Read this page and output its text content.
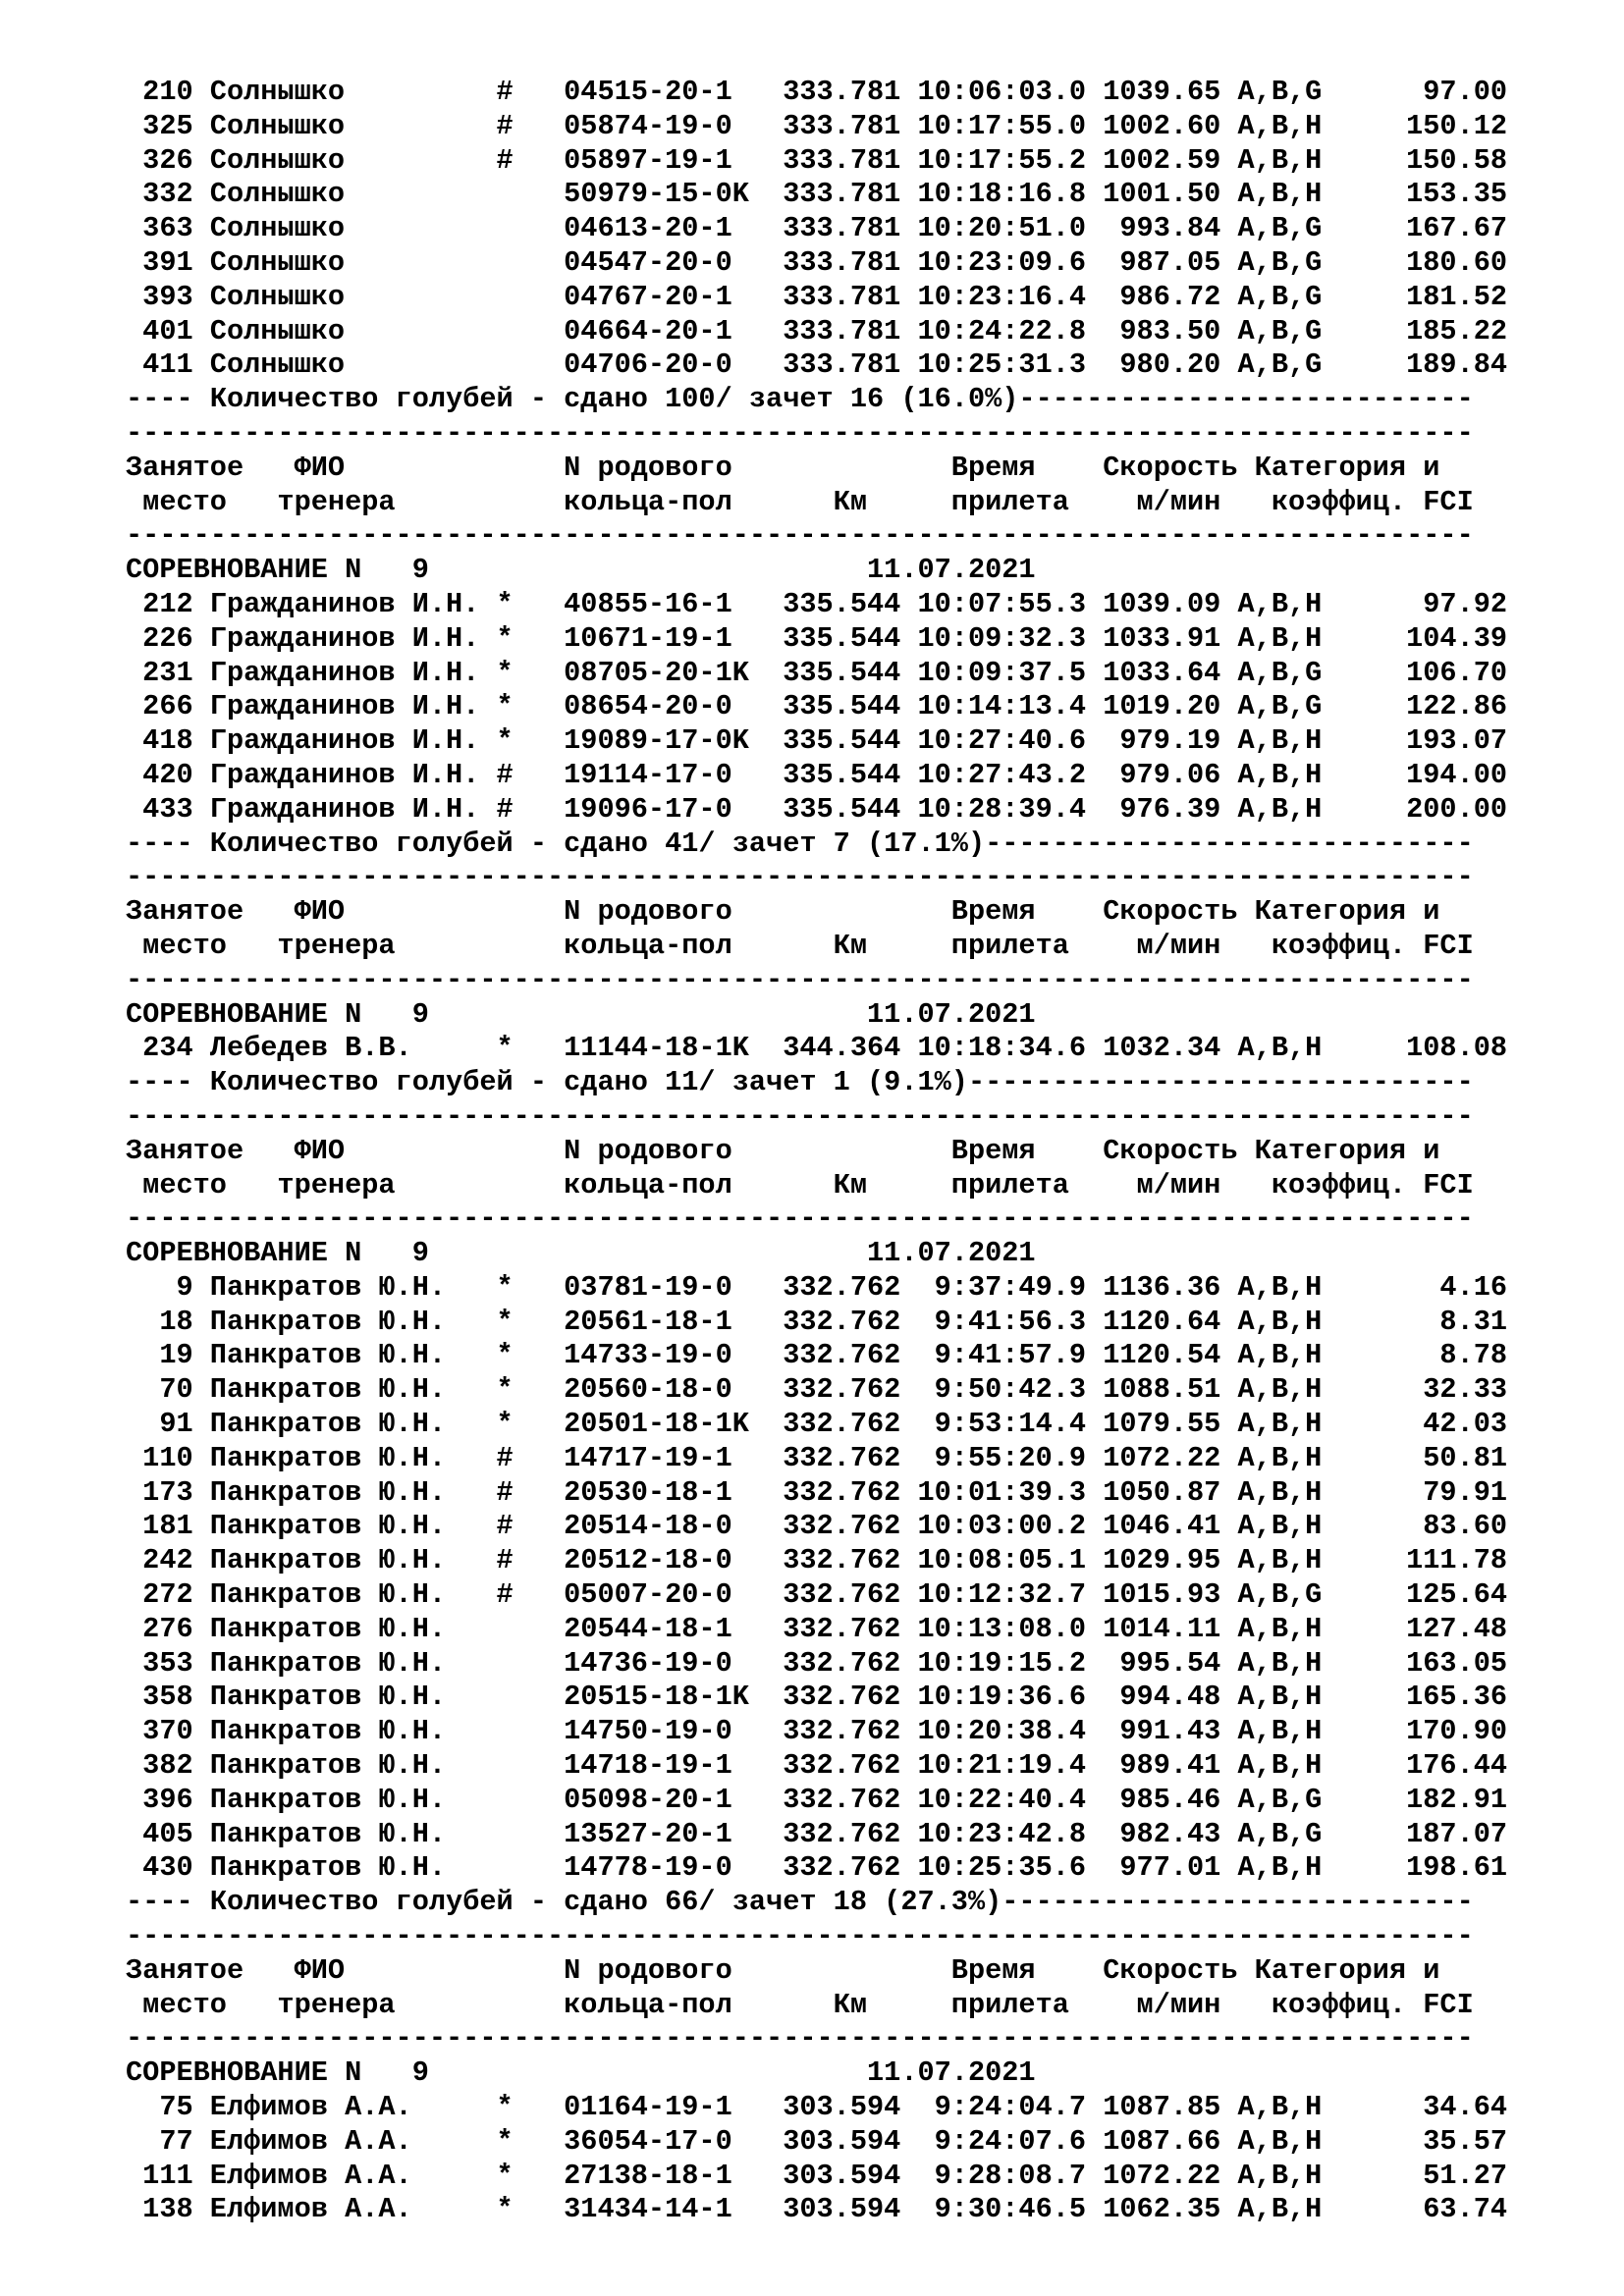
210 Солнышко         #   04515-20-1   333.781 10:06:03.0 1039.65 A,B,G      97.00
325 Солнышко         #   05874-19-0   333.781 10:17:55.0 1002.60 A,B,H     150.12
326 Солнышко         #   05897-19-1   333.781 10:17:55.2 1002.59 A,B,H     150.58
332 Солнышко             50979-15-0K  333.781 10:18:16.8 1001.50 A,B,H     153.35
363 Солнышко             04613-20-1   333.781 10:20:51.0  993.84 A,B,G     167.67
391 Солнышко             04547-20-0   333.781 10:23:09.6  987.05 A,B,G     180.60
393 Солнышко             04767-20-1   333.781 10:23:16.4  986.72 A,B,G     181.52
401 Солнышко             04664-20-1   333.781 10:24:22.8  983.50 A,B,G     185.22
411 Солнышко             04706-20-0   333.781 10:25:31.3  980.20 A,B,G     189.84
---- Количество голубей - сдано 100/ зачет 16 (16.0%)---------------------------
--------------------------------------------------------------------------------
Занятое   ФИО             N родового             Время    Скорость Категория и
место   тренера          кольца-пол      Км     прилета    м/мин   коэффиц. FCI
--------------------------------------------------------------------------------
СОРЕВНОВАНИЕ N   9                          11.07.2021
212 Гражданинов И.Н. *   40855-16-1   335.544 10:07:55.3 1039.09 A,B,H      97.92
226 Гражданинов И.Н. *   10671-19-1   335.544 10:09:32.3 1033.91 A,B,H     104.39
231 Гражданинов И.Н. *   08705-20-1K  335.544 10:09:37.5 1033.64 A,B,G     106.70
266 Гражданинов И.Н. *   08654-20-0   335.544 10:14:13.4 1019.20 A,B,G     122.86
418 Гражданинов И.Н. *   19089-17-0K  335.544 10:27:40.6  979.19 A,B,H     193.07
420 Гражданинов И.Н. #   19114-17-0   335.544 10:27:43.2  979.06 A,B,H     194.00
433 Гражданинов И.Н. #   19096-17-0   335.544 10:28:39.4  976.39 A,B,H     200.00
---- Количество голубей - сдано 41/ зачет 7 (17.1%)-----------------------------
--------------------------------------------------------------------------------
Занятое   ФИО             N родового             Время    Скорость Категория и
место   тренера          кольца-пол      Км     прилета    м/мин   коэффиц. FCI
--------------------------------------------------------------------------------
СОРЕВНОВАНИЕ N   9                          11.07.2021
234 Лебедев В.В.     *   11144-18-1K  344.364 10:18:34.6 1032.34 A,B,H     108.08
---- Количество голубей - сдано 11/ зачет 1 (9.1%)------------------------------
--------------------------------------------------------------------------------
Занятое   ФИО             N родового             Время    Скорость Категория и
место   тренера          кольца-пол      Км     прилета    м/мин   коэффиц. FCI
--------------------------------------------------------------------------------
СОРЕВНОВАНИЕ N   9                          11.07.2021
9 Панкратов Ю.Н.   *   03781-19-0   332.762  9:37:49.9 1136.36 A,B,H       4.16
18 Панкратов Ю.Н.   *   20561-18-1   332.762  9:41:56.3 1120.64 A,B,H       8.31
19 Панкратов Ю.Н.   *   14733-19-0   332.762  9:41:57.9 1120.54 A,B,H       8.78
70 Панкратов Ю.Н.   *   20560-18-0   332.762  9:50:42.3 1088.51 A,B,H      32.33
91 Панкратов Ю.Н.   *   20501-18-1K  332.762  9:53:14.4 1079.55 A,B,H      42.03
110 Панкратов Ю.Н.   #   14717-19-1   332.762  9:55:20.9 1072.22 A,B,H      50.81
173 Панкратов Ю.Н.   #   20530-18-1   332.762 10:01:39.3 1050.87 A,B,H      79.91
181 Панкратов Ю.Н.   #   20514-18-0   332.762 10:03:00.2 1046.41 A,B,H      83.60
242 Панкратов Ю.Н.   #   20512-18-0   332.762 10:08:05.1 1029.95 A,B,H     111.78
272 Панкратов Ю.Н.   #   05007-20-0   332.762 10:12:32.7 1015.93 A,B,G     125.64
276 Панкратов Ю.Н.       20544-18-1   332.762 10:13:08.0 1014.11 A,B,H     127.48
353 Панкратов Ю.Н.       14736-19-0   332.762 10:19:15.2  995.54 A,B,H     163.05
358 Панкратов Ю.Н.       20515-18-1K  332.762 10:19:36.6  994.48 A,B,H     165.36
370 Панкратов Ю.Н.       14750-19-0   332.762 10:20:38.4  991.43 A,B,H     170.90
382 Панкратов Ю.Н.       14718-19-1   332.762 10:21:19.4  989.41 A,B,H     176.44
396 Панкратов Ю.Н.       05098-20-1   332.762 10:22:40.4  985.46 A,B,G     182.91
405 Панкратов Ю.Н.       13527-20-1   332.762 10:23:42.8  982.43 A,B,G     187.07
430 Панкратов Ю.Н.       14778-19-0   332.762 10:25:35.6  977.01 A,B,H     198.61
---- Количество голубей - сдано 66/ зачет 18 (27.3%)----------------------------
--------------------------------------------------------------------------------
Занятое   ФИО             N родового             Время    Скорость Категория и
место   тренера          кольца-пол      Км     прилета    м/мин   коэффиц. FCI
--------------------------------------------------------------------------------
СОРЕВНОВАНИЕ N   9                          11.07.2021
75 Елфимов А.А.     *   01164-19-1   303.594  9:24:04.7 1087.85 A,B,H      34.64
77 Елфимов А.А.     *   36054-17-0   303.594  9:24:07.6 1087.66 A,B,H      35.57
111 Елфимов А.А.     *   27138-18-1   303.594  9:28:08.7 1072.22 A,B,H      51.27
138 Елфимов А.А.     *   31434-14-1   303.594  9:30:46.5 1062.35 A,B,H      63.74
